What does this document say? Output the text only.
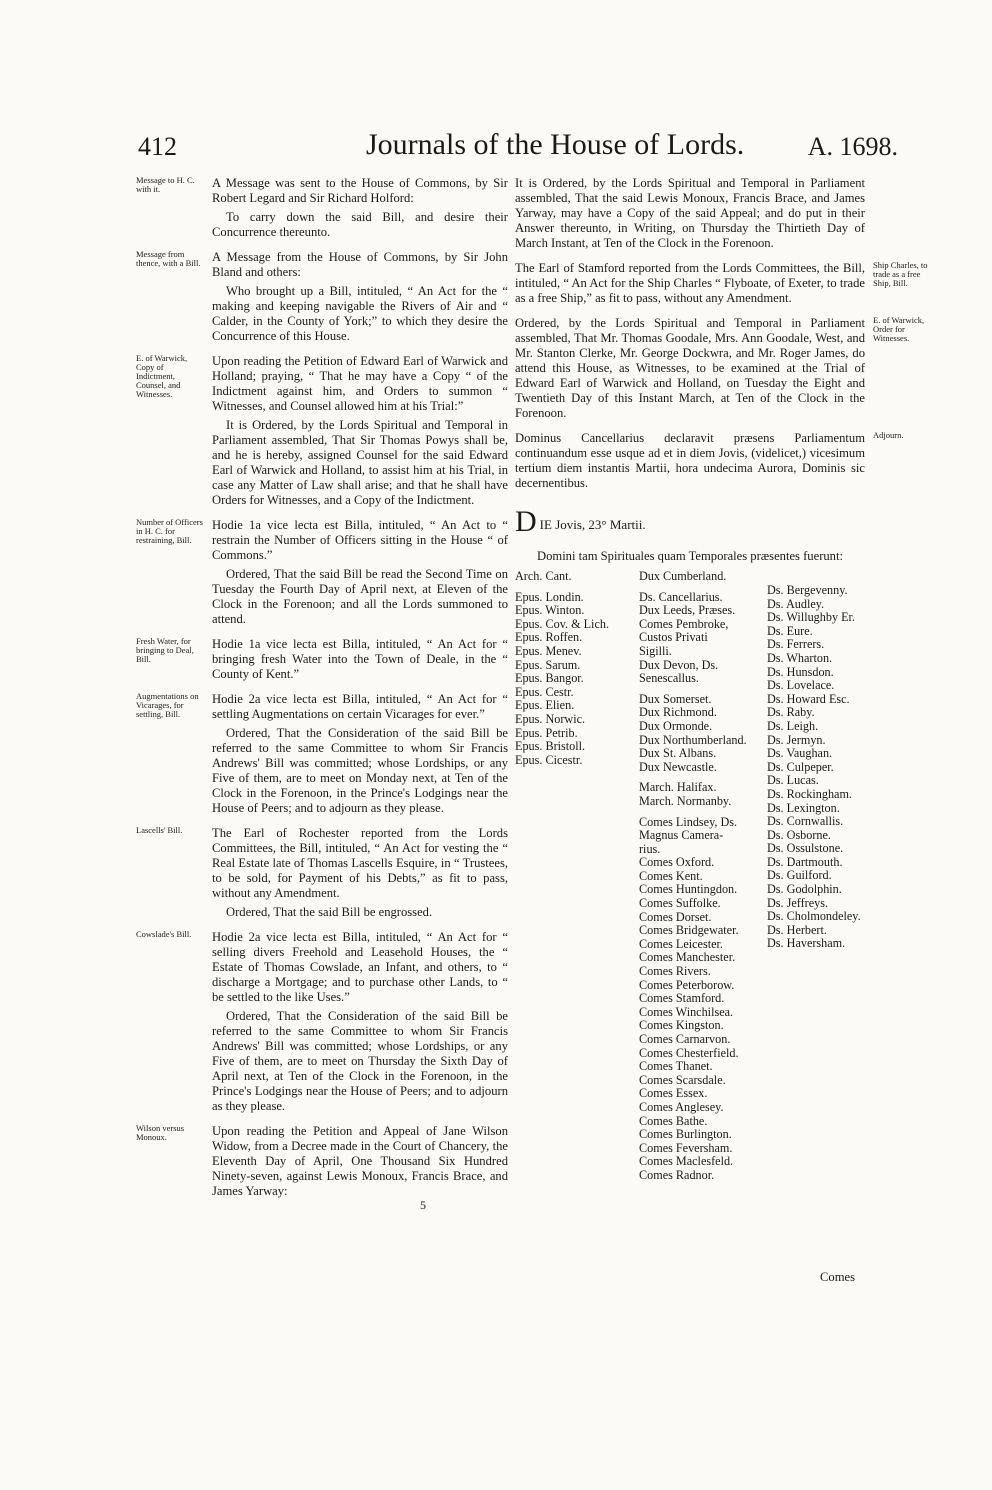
412	Journals of the House of Lords. A. 1698.
Message to H. C. with it.	A Message was sent to the House of Commons, by Sir Robert Legard and Sir Richard Holford:

To carry down the said Bill, and desire their Concurrence thereunto.

Message from thence, with a Bill. A Message from the House of Commons, by Sir John Bland and others:

Who brought up a Bill, intituled, “ An Act for the “ making and keeping navigable the Rivers of Air and “ Calder, in the County of York;” to which they desire the Concurrence of this House.

E. of Warwick, Copy of Indictment, Counsel, and Witnesses.

Upon reading the Petition of Edward Earl of Warwick and Holland; praying, “ That he may have a Copy “ of the Indictment against him, and Orders to summon “ Witnesses, and Counsel allowed him at his Trial:”

It is Ordered, by the Lords Spiritual and Temporal in Parliament assembled, That Sir Thomas Powys shall be, and he is hereby, assigned Counsel for the said Edward Earl of Warwick and Holland, to assist him at his Trial, in case any Matter of Law shall arise; and that he shall have Orders for Witnesses, and a Copy of the Indictment.

Number of Officers in H. C. for restraining, Bill.

Hodie 1a vice lecta est Billa, intituled, “ An Act to “ restrain the Number of Officers sitting in the House “ of Commons.”

Ordered, That the said Bill be read the Second Time on Tuesday the Fourth Day of April next, at Eleven of the Clock in the Forenoon; and all the Lords summoned to attend.

Fresh Water, for bringing to Deal, Bill.

Hodie 1a vice lecta est Billa, intituled, “ An Act for “ bringing fresh Water into the Town of Deale, in the “ County of Kent.”

Augmentations on Vicarages, for settling, Bill.

Hodie 2a vice lecta est Billa, intituled, “ An Act for “ settling Augmentations on certain Vicarages for ever.”

Ordered, That the Consideration of the said Bill be referred to the same Committee to whom Sir Francis Andrews' Bill was committed; whose Lordships, or any Five of them, are to meet on Monday next, at Ten of the Clock in the Forenoon, in the Prince's Lodgings near the House of Peers; and to adjourn as they please.

Lascells' Bill.	The Earl of Rochester reported from the Lords Committees, the Bill, intituled, “ An Act for vesting the “ Real Estate late of Thomas Lascells Esquire, in “ Trustees, to be sold, for Payment of his Debts,” as fit to pass, without any Amendment.

Ordered, That the said Bill be engrossed.

Cowslade's Bill.	Hodie 2a vice lecta est Billa, intituled, “ An Act for “ selling divers Freehold and Leasehold Houses, the “ Estate of Thomas Cowslade, an Infant, and others, to “ discharge a Mortgage; and to purchase other Lands, to “ be settled to the like Uses.”

Ordered, That the Consideration of the said Bill be referred to the same Committee to whom Sir Francis Andrews' Bill was committed; whose Lordships, or any Five of them, are to meet on Thursday the Sixth Day of April next, at Ten of the Clock in the Forenoon, in the Prince's Lodgings near the House of Peers; and to adjourn as they please.

Wilson versus Monoux.	Upon reading the Petition and Appeal of Jane Wilson Widow, from a Decree made in the Court of Chancery, the Eleventh Day of April, One Thousand Six Hundred Ninety-seven, against Lewis Monoux, Francis Brace, and James Yarway:

It is Ordered, by the Lords Spiritual and Temporal in Parliament assembled, That the said Lewis Monoux, Francis Brace, and James Yarway, may have a Copy of the said Appeal; and do put in their Answer thereunto, in Writing, on Thursday the Thirtieth Day of March Instant, at Ten of the Clock in the Forenoon.

Ship Charles, to trade as a free Ship, Bill.

The Earl of Stamford reported from the Lords Committees, the Bill, intituled, “ An Act for the Ship Charles “ Flyboate, of Exeter, to trade as a free Ship,” as fit to pass, without any Amendment.

E. of Warwick, Order for Witnesses.

Ordered, by the Lords Spiritual and Temporal in Parliament assembled, That Mr. Thomas Goodale, Mrs. Ann Goodale, West, and Mr. Stanton Clerke, Mr. George Dockwra, and Mr. Roger James, do attend this House, as Witnesses, to be examined at the Trial of Edward Earl of Warwick and Holland, on Tuesday the Eight and Twentieth Day of this Instant March, at Ten of the Clock in the Forenoon.

Adjourn.

Dominus Cancellarius declaravit præsens Parliamentum continuandum esse usque ad et in diem Jovis, (videlicet,) vicesimum tertium diem instantis Martii, hora undecima Aurora, Dominis sic decernentibus.

D IE Jovis, 23° Martii.
Domini tam Spirituales quam Temporales præsentes fuerunt:
Arch. Cant.
Epus. Londin.
Epus. Winton.
Epus. Cov. & Lich.
Epus. Roffen.
Epus. Menev.
Epus. Sarum.
Epus. Bangor.
Epus. Cestr.
Epus. Elien.
Epus. Norwic.
Epus. Petrib.
Epus. Bristoll.
Epus. Cicestr.
Dux Cumberland.
Ds. Cancellarius.
Dux Leeds, Præses.
Comes Pembroke,
Custos Privati
Sigilli.
Dux Devon, Ds.
Senescallus.
Dux Somerset.
Dux Richmond.
Dux Ormonde.
Dux Northumberland.
Dux St. Albans.
Dux Newcastle.
March. Halifax.
March. Normanby.
Comes Lindsey, Ds.
Magnus Camera-
rius.
Comes Oxford.
Comes Kent.
Comes Huntingdon.
Comes Suffolke.
Comes Dorset.
Comes Bridgewater.
Comes Leicester.
Comes Manchester.
Comes Rivers.
Comes Peterborow.
Comes Stamford.
Comes Winchilsea.
Comes Kingston.
Comes Carnarvon.
Comes Chesterfield.
Comes Thanet.
Comes Scarsdale.
Comes Essex.
Comes Anglesey.
Comes Bathe.
Comes Burlington.
Comes Feversham.
Comes Maclesfeld.
Comes Radnor.
Ds. Bergevenny.
Ds. Audley.
Ds. Willughby Er.
Ds. Eure.
Ds. Ferrers.
Ds. Wharton.
Ds. Hunsdon.
Ds. Lovelace.
Ds. Howard Esc.
Ds. Raby.
Ds. Leigh.
Ds. Jermyn.
Ds. Vaughan.
Ds. Culpeper.
Ds. Lucas.
Ds. Rockingham.
Ds. Lexington.
Ds. Cornwallis.
Ds. Osborne.
Ds. Ossulstone.
Ds. Dartmouth.
Ds. Guilford.
Ds. Godolphin.
Ds. Jeffreys.
Ds. Cholmondeley.
Ds. Herbert.
Ds. Haversham.
5
Comes
